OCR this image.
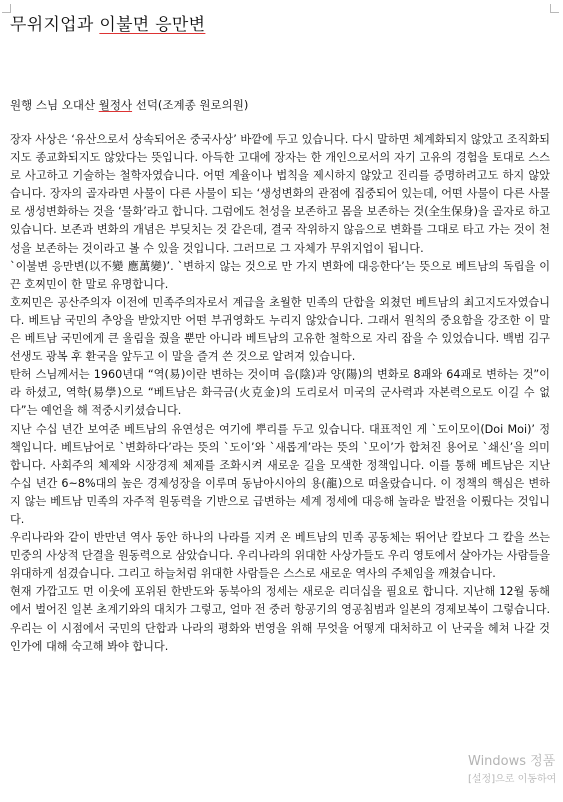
무위지업과 이불면 응만변
원행 스님 오대산 월정사 선덕(조계종 원로의원)

장자 사상은 ‘유산으로서 상속되어온 중국사상’ 바깥에 두고 있습니다. 다시 말하면 체계화되지 않았고 조직화되지도 종교화되지도 않았다는 뜻입니다. 아득한 고대에 장자는 한 개인으로서의 자기 고유의 경험을 토대로 스스로 사고하고 기술하는 철학자였습니다. 어떤 계율이나 법칙을 제시하지 않았고 진리를 증명하려고도 하지 않았습니다. 장자의 골자라면 사물이 다른 사물이 되는 ‘생성변화의 관점에 집중되어 있는데, 어떤 사물이 다른 사물로 생성변화하는 것을 ‘물화’라고 합니다. 그럼에도 천성을 보존하고 몸을 보존하는 것(全生保身)을 골자로 하고 있습니다. 보존과 변화의 개념은 부딪치는 것 같은데, 결국 작위하지 않음으로 변화를 그대로 타고 가는 것이 천성을 보존하는 것이라고 볼 수 있을 것입니다. 그러므로 그 자체가 무위지업이 됩니다.

`이불변 응만변(以不變 應萬變)’. `변하지 않는 것으로 만 가지 변화에 대응한다’는 뜻으로 베트남의 독립을 이끈 호찌민이 한 말로 유명합니다.

호찌민은 공산주의자 이전에 민족주의자로서 계급을 초월한 민족의 단합을 외쳤던 베트남의 최고지도자였습니다. 베트남 국민의 추앙을 받았지만 어떤 부귀영화도 누리지 않았습니다. 그래서 원칙의 중요함을 강조한 이 말은 베트남 국민에게 큰 울림을 줬을 뿐만 아니라 베트남의 고유한 철학으로 자리 잡을 수 있었습니다. 백범 김구 선생도 광복 후 환국을 앞두고 이 말을 즐겨 쓴 것으로 알려져 있습니다.

탄허 스님께서는 1960년대 “역(易)이란 변하는 것이며 음(陰)과 양(陽)의 변화로 8괘와 64괘로 변하는 것”이라 하셨고, 역학(易學)으로 “베트남은 화극금(火克金)의 도리로서 미국의 군사력과 자본력으로도 이길 수 없다”는 예언을 해 적중시키셨습니다.

지난 수십 년간 보여준 베트남의 유연성은 여기에 뿌리를 두고 있습니다. 대표적인 게 `도이모이(Doi Moi)’ 정책입니다. 베트남어로 `변화하다’라는 뜻의 `도이’와 `새롭게’라는 뜻의 `모이’가 합쳐진 용어로 `쇄신’을 의미합니다. 사회주의 체제와 시장경제 체제를 조화시켜 새로운 길을 모색한 정책입니다. 이를 통해 베트남은 지난 수십 년간 6~8%대의 높은 경제성장을 이루며 동남아시아의 용(龍)으로 떠올랐습니다. 이 정책의 핵심은 변하지 않는 베트남 민족의 자주적 원동력을 기반으로 급변하는 세계 정세에 대응해 놀라운 발전을 이뤘다는 것입니다.

우리나라와 같이 반만년 역사 동안 하나의 나라를 지켜 온 베트남의 민족 공동체는 뛰어난 칼보다 그 칼을 쓰는 민중의 사상적 단결을 원동력으로 삼았습니다. 우리나라의 위대한 사상가들도 우리 영토에서 살아가는 사람들을 위대하게 섬겼습니다. 그리고 하늘처럼 위대한 사람들은 스스로 새로운 역사의 주체임을 깨쳤습니다.

현재 가깝고도 먼 이웃에 포위된 한반도와 동북아의 정세는 새로운 리더십을 필요로 합니다. 지난해 12월 동해에서 벌어진 일본 초계기와의 대치가 그렇고, 얼마 전 중러 항공기의 영공침범과 일본의 경제보복이 그렇습니다. 우리는 이 시점에서 국민의 단합과 나라의 평화와 번영을 위해 무엇을 어떻게 대처하고 이 난국을 헤쳐 나갈 것인가에 대해 숙고해 봐야 합니다.

Windows 정품
[설정]으로 이동하여
